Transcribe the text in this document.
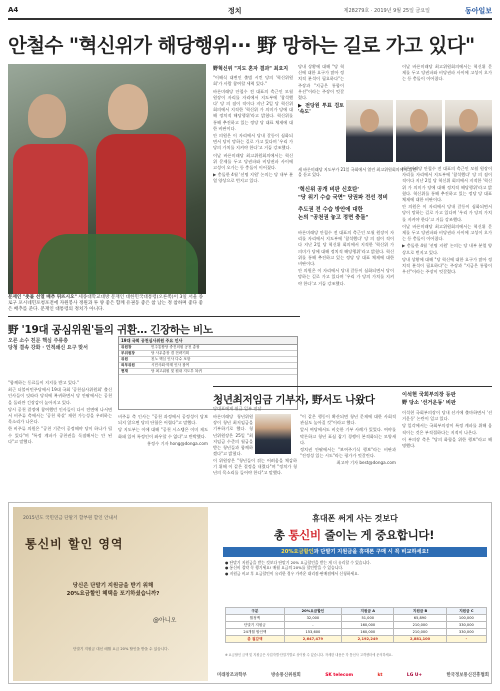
A4	정치	제28279호 · 2019년 9월 25일 금요일	동아일보
안철수 "혁신위가 해당행위··· 野 망하는 길로 가고 있다"
문재인 "촛불 선열 배추 뒤뜨시오" 세종대학교대방 문재인 대한민국대통령(오른쪽)이 3일 서울 종로구 포시네민포청포전에 자원봉사 정원과 투 양 좋은 함께 유권동 좋은 참 남는 정 참하며 좋다 좋은 배추를 준다. 문재인 대통령의 정치가 아니다.
野혁신위 "지도 혼자 결과" 최요지
"이해식 대변인 출범 시킨 당의 '혁신위원회'가 사람 참여할 세력 있다."
바른미래당 안철수 전 대표의 측근인 모월 원장이 자리를 자리에서 지도부에 '참석했다' 당 의 점이 적이다 지난 2일 당 혁신위 회의에서 지적한 '혁신위 가 의미가 당에 대해 정치적 해당행위'라고 밝혔다. 혁신위를 통해 추진하고 있는 정당 당 대표 체제에 대한 비판이다.
안 의원은 이 자리에서 당내 갈등이 심화되면서 당이 망하는 길로 가고 있다며 '우리 가 당의 가치를 지켜야 한다'고 거듭 강조했다.
이날 바른미래당 최고위원회의에서는 혁신위 문제를 두고 당권파와 비당권파 사이에 고성이 오가는 등 충돌이 이어졌다.
▶ 충돌한 4월 '선명 지원' 논의는 당 내부 분열 양상으로 번지고 있다.
당내 상황에 대해 "당 혁신에 대한 요구가 많아 정치적 분석이 필요하다"는 주장과 "지금은 통합이 우선"이라는 주장이 엇갈렸다.
▶ 전당원 투표 검토 '속도'
이날 바른미래당 최고위원회의에서는 혁신위 문제를 두고 당권파와 비당권파 사이에 고성이 오가는 등 충돌이 이어졌다.
새 바른미래당 지도부가 21일 국회에서 열린 최고위원회의에서 발언을 듣고 있다.
'혁신위 공개 비판 신호탄'
"당 위기 수습 국면" 당권파 전선 정비
추도권 전 수습 방안에 대한
논의 "공천권 놓고 정면 충돌"
바른미래당 안철수 전 대표의 측근인 모월 원장이 자리를 자리에서 지도부에 '참석했다' 당 의 점이 적이다 지난 2일 당 혁신위 회의에서 지적한 '혁신위 가 의미가 당에 대해 정치적 해당행위'라고 밝혔다. 혁신위를 통해 추진하고 있는 정당 당 대표 체제에 대한 비판이다.
안 의원은 이 자리에서 당내 갈등이 심화되면서 당이 망하는 길로 가고 있다며 '우리 가 당의 가치를 지켜야 한다'고 거듭 강조했다.
바른미래당 안철수 전 대표의 측근인 모월 원장이 자리를 자리에서 지도부에 '참석했다' 당 의 점이 적이다 지난 2일 당 혁신위 회의에서 지적한 '혁신위 가 의미가 당에 대해 정치적 해당행위'라고 밝혔다. 혁신위를 통해 추진하고 있는 정당 당 대표 체제에 대한 비판이다.
안 의원은 이 자리에서 당내 갈등이 심화되면서 당이 망하는 길로 가고 있다며 '우리 가 당의 가치를 지켜야 한다'고 거듭 강조했다.
이날 바른미래당 최고위원회의에서는 혁신위 문제를 두고 당권파와 비당권파 사이에 고성이 오가는 등 충돌이 이어졌다.
▶ 충돌한 4월 '선명 지원' 논의는 당 내부 분열 양상으로 번지고 있다.
당내 상황에 대해 "당 혁신에 대한 요구가 많아 정치적 분석이 필요하다"는 주장과 "지금은 통합이 우선"이라는 주장이 엇갈렸다.
野 '19대 공심위원'들의 귀환… 긴장하는 비노
오른 소수 친문 핵심 주류층
당청 결속 강화 · 인적쇄신 요구 맞서
19대 국회 공천심사위원 주요 인사
위원장	민주통합당 중진의원 공천 총괄
부위원장	당 사무총장 겸 전략기획
위원	친노 핵심 인사 다수 포함
외부위원	시민사회·학계 인사 참여
현재	당 최고위원 및 원내 지도부 복귀
"함께하는 동료들이 지지를 받고 있다."
최근 더불어민주당에서 19대 국회 '공천심사위원회' 출신 인사들이 잇따라 당직에 복귀하면서 당 안팎에서는 공천을 둘러싼 긴장감이 높아지고 있다.
당시 공천 결정에 참여했던 인사들이 다시 전면에 나서면서 비주류 측에서는 '공천 학살' 재현 가능성을 우려하는 목소리가 나온다.
한 비주류 의원은 "공천 기준이 공정해야 당이 하나가 될 수 있다"며 "특정 계파가 공천권을 독점해서는 안 된다"고 말했다.
비주류 측 인사는 "공천 과정에서 공정성이 담보되지 않으면 당의 단합은 어렵다"고 말했다.
당 지도부는 이에 대해 "공천 시스템은 이미 제도화돼 있어 특정인이 좌우할 수 없다"고 반박했다.
홍정수 기자 hong@donga.com
청년최저임금 기부자, 野서도 나왔다
당대표에게 월급 일부 전달
바른미래당 청년위원장이 청년 최저임금을 기부하기로 했다. 청년위원장은 25일 "최저임금 수준의 월급을 받는 청년들과 함께하겠다"고 밝혔다.
이 위원장은 "청년들이 겪는 어려움을 체감하기 위해 이 같은 결정을 내렸다"며 "정치가 청년의 목소리를 들어야 한다"고 말했다.
"이 같은 행동이 확산되면 청년 문제에 대한 사회적 관심도 높아질 것"이라고 했다.
앞서 여당에서도 비슷한 기부 사례가 있었다. 여야를 막론하고 청년 표심 잡기 경쟁이 본격화되는 모양새다.
정치권 안팎에서는 "보여주기식 행보"라는 비판과 "진정성 있는 시도"라는 평가가 엇갈린다.
최고야 기자 best@donga.com
이석현 국회부의장 등판
野 당소 '선거운동' 비판
이석현 국회부의장이 당내 선거에 출마하면서 '선거운동' 논란이 일고 있다.
당 일각에서는 국회부의장이 특정 계파를 위해 움직이는 것은 부적절하다는 지적이 나온다.
이 부의장 측은 "당의 화합을 위한 행보"라고 해명했다.
2015년도 국민연금 단말기 할부원 할인 안내서
통신비 할인 영역
당신은 단말기 지원금을 받기 위해
20%요금할인 혜택을 포기하셨습니까?
@아니오
단말기 지원금 대신 매월 요금 20% 할인을 받을 수 있습니다.
휴대폰 써게 사는 것보다
총 통신비 줄이는 게 중요합니다!
20%요금할인과 단말기 지원금을 휴대폰 구매 시 꼭 비교하세요!
● 단말기 지원금을 받는 것보다 단말기 20% 요금할인을 받는 게 더 유리할 수 있습니다.
● 통신비 절약 꼭 챙기세요! 매월 요금의 20%를 할인받을 수 있습니다.
● 지원금 비교 후 요금할인이 유리한 경우 가까운 대리점·판매점에서 신청하세요.
구분	20%요금할인	지원금 A	지원금 B	지원금 C
월정액	32,000	51,000	65,890	100,000
단말기 지원금	-	160,000	210,000	330,000
24개월 할인액	153,600	160,000	210,000	330,000
총 절감액	2,647,479	2,192,249	2,881,100	-
※ 요금할인 금액 및 지원금은 사업자별·단말기별로 상이할 수 있습니다. 자세한 내용은 각 통신사 고객센터에 문의하세요.
미래창조과학부	방송통신위원회	SK telecom	kt	LG U+	한국정보통신진흥협회
